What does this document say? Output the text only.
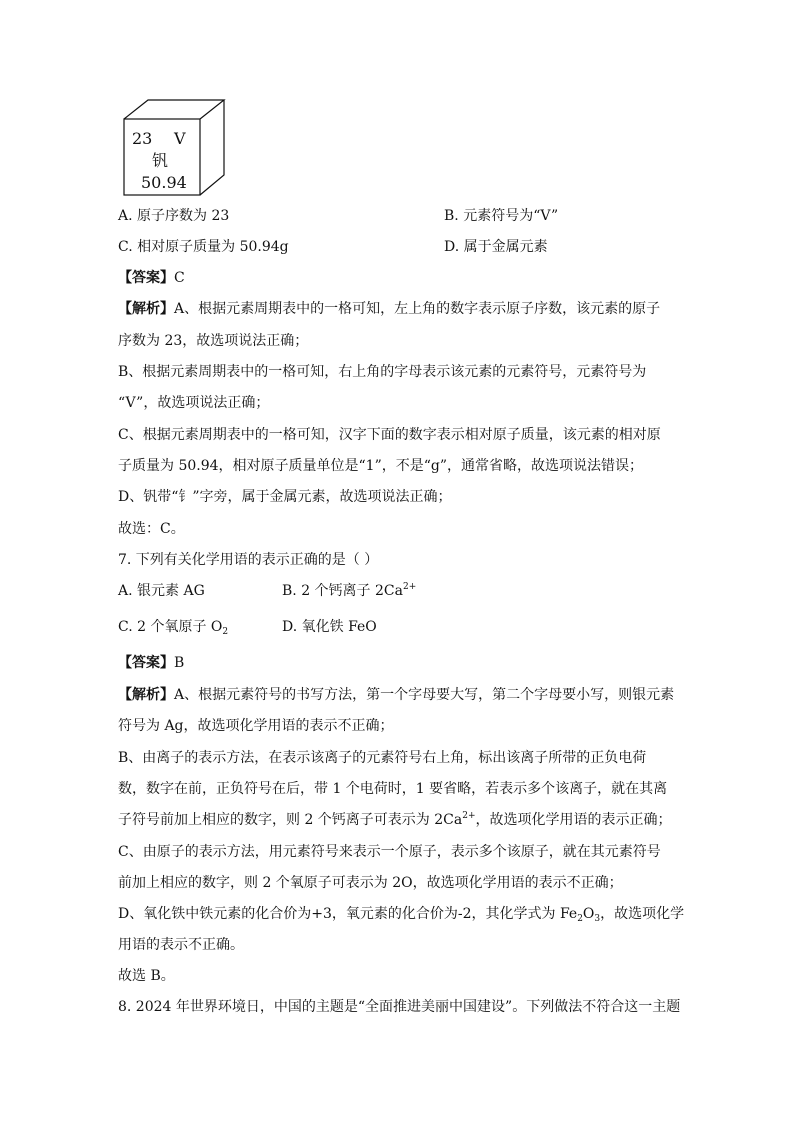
23 V
钒
50.94
A. 原子序数为 23	B. 元素符号为“V”
C. 相对原子质量为 50.94g	D. 属于金属元素
【答案】C
【解析】A、根据元素周期表中的一格可知，左上角的数字表示原子序数，该元素的原子
序数为 23，故选项说法正确；
B、根据元素周期表中的一格可知，右上角的字母表示该元素的元素符号，元素符号为
“V”，故选项说法正确；
C、根据元素周期表中的一格可知，汉字下面的数字表示相对原子质量，该元素的相对原
子质量为 50.94，相对原子质量单位是“1”，不是“g”，通常省略，故选项说法错误；
D、钒带“钅”字旁，属于金属元素，故选项说法正确；
故选：C。
7. 下列有关化学用语的表示正确的是（ ）
A. 银元素 AG	B. 2 个钙离子 $2Ca^{2+}$
C. 2 个氧原子 $O_2$	D. 氧化铁 FeO
【答案】B
【解析】A、根据元素符号的书写方法，第一个字母要大写，第二个字母要小写，则银元素
符号为 Ag，故选项化学用语的表示不正确；
B、由离子的表示方法，在表示该离子的元素符号右上角，标出该离子所带的正负电荷
数，数字在前，正负符号在后，带 1 个电荷时，1 要省略，若表示多个该离子，就在其离
子符号前加上相应的数字，则 2 个钙离子可表示为 $2Ca^{2+}$，故选项化学用语的表示正确；
C、由原子的表示方法，用元素符号来表示一个原子，表示多个该原子，就在其元素符号
前加上相应的数字，则 2 个氧原子可表示为 2O，故选项化学用语的表示不正确；
D、氧化铁中铁元素的化合价为+3，氧元素的化合价为-2，其化学式为 $Fe_2O_3$，故选项化学
用语的表示不正确。
故选 B。
8. 2024 年世界环境日，中国的主题是“全面推进美丽中国建设”。下列做法不符合这一主题
